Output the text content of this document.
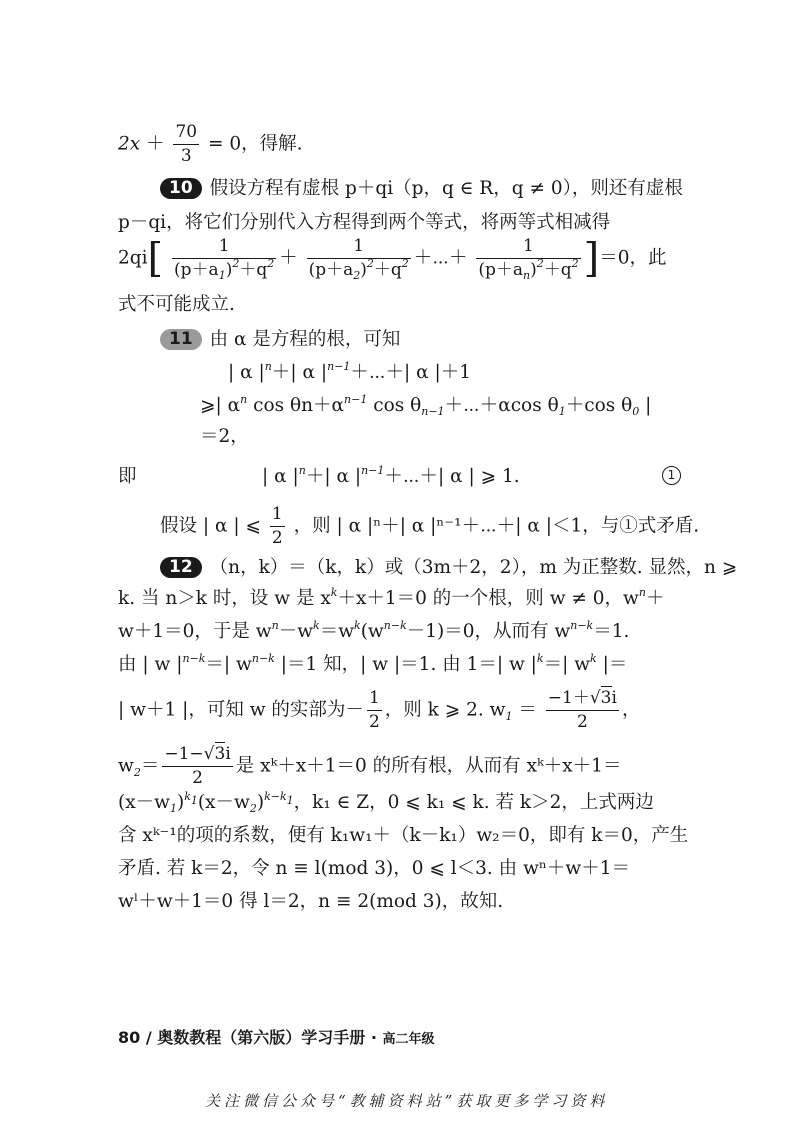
$2x + \frac{70}{3} = 0$，得解.
10 假设方程有虚根 p＋qi（p，q ∈ R，q ≠ 0），则还有虚根
p－qi，将它们分别代入方程得到两个等式，将两等式相减得
$2qi[ \frac{1}{(p+a_1)^2+q^2} + \frac{1}{(p+a_2)^2+q^2}$ ＋⋯＋ $\frac{1}{(p+a_n)^2+q^2} ]=0$，此
式不可能成立.
11 由 α 是方程的根，可知
| α $|^n+|$ α $|^{n-1}+\cdots+|$ α |＋1
⩾| $\alpha^n$ $\cos \theta n+\alpha^{n-1}$ $\cos \theta_{n-1}+\cdots+\alpha\cos$ $\theta_1+\cos$ $\theta_0$ |
＝2，
即	| α $|^n+|$ α $|^{n-1}+\cdots+|$ α | ⩾ 1.	1
假设 | α | ⩽ $\frac{1}{2}$ ，则 | α |ⁿ＋| α |ⁿ⁻¹＋⋯＋| α |＜1，与①式矛盾.
12 （n，k）＝（k，k）或（3m＋2，2），m 为正整数. 显然，n ⩾
k. 当 n＞k 时，设 w 是 $x^k+x+1=0$ 的一个根，则 w ≠ 0，$w^n+$
w＋1＝0，于是 $w^n-w^k=w^k(w^{n-k}-1)=0$，从而有 $w^{n-k}=1$.
由 | w $|^{n-k}=|$ $w^{n-k}$ |＝1 知，| w |＝1. 由 1＝| w $|^k=|$ $w^k$ |＝
| w＋1 |，可知 w 的实部为－ $\frac{1}{2}$ ，则 k ⩾ 2. $w_1 = \frac{-1+√3i}{2}$ ，
$w_2= \frac{-1-√3i}{2}$ 是 xᵏ＋x＋1＝0 的所有根，从而有 xᵏ＋x＋1＝
$(x-w_1)^{k_1}(x-w_2)^{k-k_1}$，k₁ ∈ Z，0 ⩽ k₁ ⩽ k. 若 k＞2，上式两边
含 xᵏ⁻¹的项的系数，便有 k₁w₁＋（k－k₁）w₂＝0，即有 k＝0，产生
矛盾. 若 k＝2，令 n ≡ l(mod 3)，0 ⩽ l＜3. 由 wⁿ＋w＋1＝
wˡ＋w＋1＝0 得 l＝2，n ≡ 2(mod 3)，故知.
80 / 奥数教程（第六版）学习手册 · 高二年级
关注微信公众号“教辅资料站”获取更多学习资料
